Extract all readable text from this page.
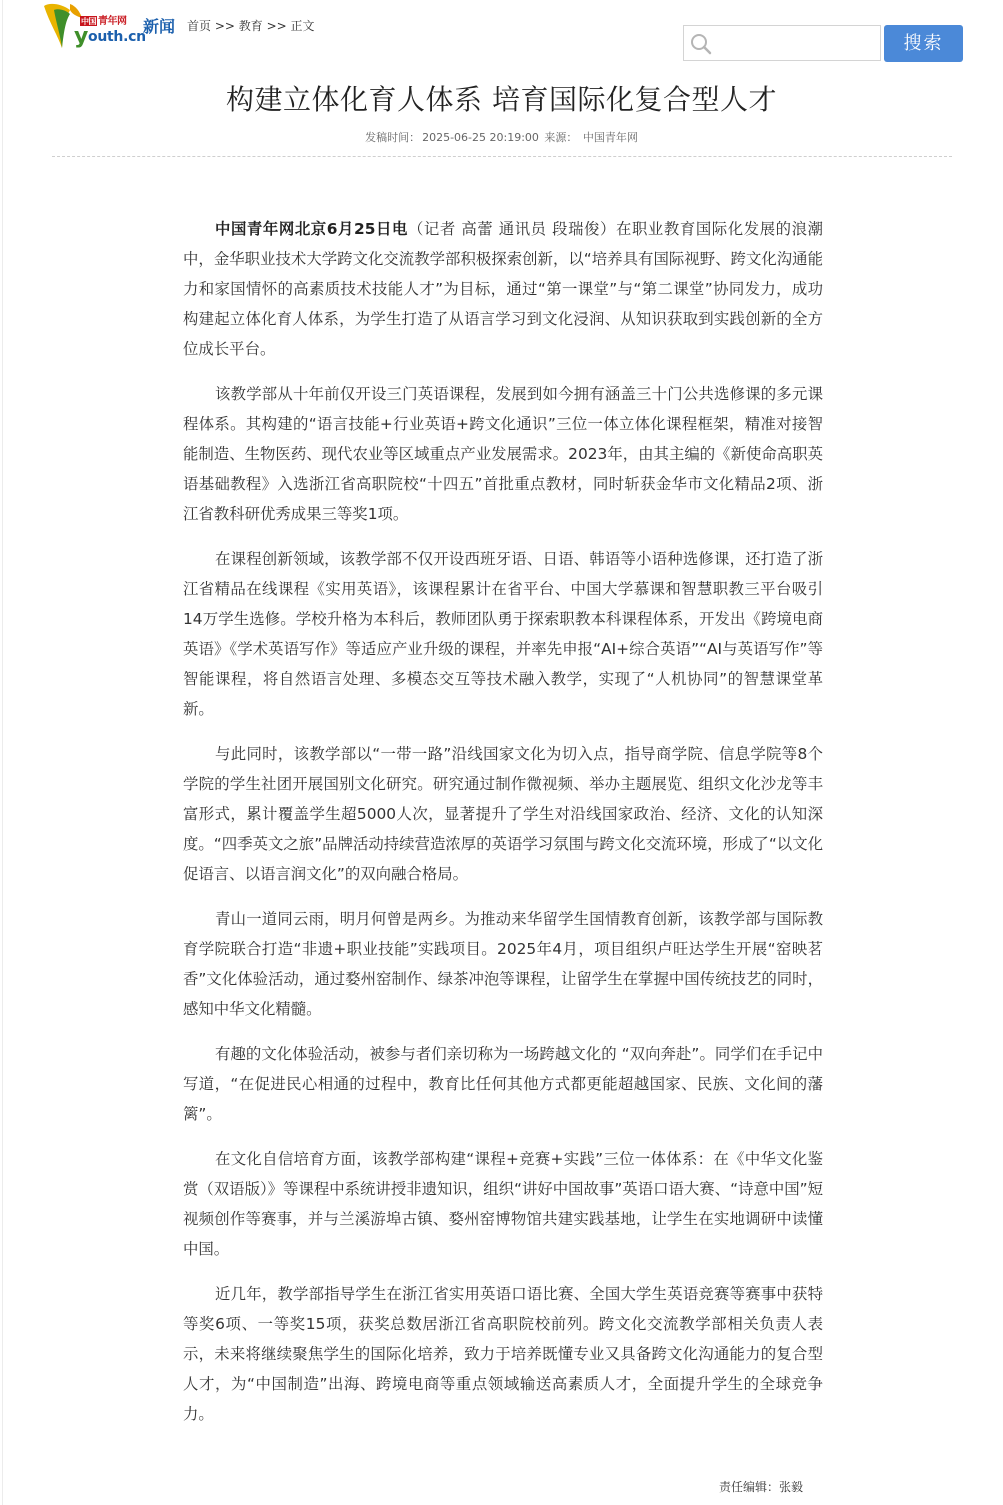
中国 青年网
youth.cn
新闻 首页 >> 教育 >> 正文
搜索
构建立体化育人体系 培育国际化复合型人才
发稿时间： 2025-06-25 20:19:00 来源： 中国青年网

中国青年网北京6月25日电（记者 高蕾 通讯员 段瑞俊）在职业教育国际化发展的浪潮中，金华职业技术大学跨文化交流教学部积极探索创新，以“培养具有国际视野、跨文化沟通能力和家国情怀的高素质技术技能人才”为目标，通过“第一课堂”与“第二课堂”协同发力，成功构建起立体化育人体系，为学生打造了从语言学习到文化浸润、从知识获取到实践创新的全方位成长平台。

该教学部从十年前仅开设三门英语课程，发展到如今拥有涵盖三十门公共选修课的多元课程体系。其构建的“语言技能+行业英语+跨文化通识”三位一体立体化课程框架，精准对接智能制造、生物医药、现代农业等区域重点产业发展需求。2023年，由其主编的《新使命高职英语基础教程》入选浙江省高职院校“十四五”首批重点教材，同时斩获金华市文化精品2项、浙江省教科研优秀成果三等奖1项。

在课程创新领域，该教学部不仅开设西班牙语、日语、韩语等小语种选修课，还打造了浙江省精品在线课程《实用英语》，该课程累计在省平台、中国大学慕课和智慧职教三平台吸引14万学生选修。学校升格为本科后，教师团队勇于探索职教本科课程体系，开发出《跨境电商英语》《学术英语写作》等适应产业升级的课程，并率先申报“AI+综合英语”“AI与英语写作”等智能课程，将自然语言处理、多模态交互等技术融入教学，实现了“人机协同”的智慧课堂革新。

与此同时，该教学部以“一带一路”沿线国家文化为切入点，指导商学院、信息学院等8个学院的学生社团开展国别文化研究。研究通过制作微视频、举办主题展览、组织文化沙龙等丰富形式，累计覆盖学生超5000人次，显著提升了学生对沿线国家政治、经济、文化的认知深度。“四季英文之旅”品牌活动持续营造浓厚的英语学习氛围与跨文化交流环境，形成了“以文化促语言、以语言润文化”的双向融合格局。

青山一道同云雨，明月何曾是两乡。为推动来华留学生国情教育创新，该教学部与国际教育学院联合打造“非遗+职业技能”实践项目。2025年4月，项目组织卢旺达学生开展“窑映茗香”文化体验活动，通过婺州窑制作、绿茶冲泡等课程，让留学生在掌握中国传统技艺的同时，感知中华文化精髓。

有趣的文化体验活动，被参与者们亲切称为一场跨越文化的 “双向奔赴”。同学们在手记中写道，“在促进民心相通的过程中，教育比任何其他方式都更能超越国家、民族、文化间的藩篱”。

在文化自信培育方面，该教学部构建“课程+竞赛+实践”三位一体体系：在《中华文化鉴赏（双语版）》等课程中系统讲授非遗知识，组织“讲好中国故事”英语口语大赛、“诗意中国”短视频创作等赛事，并与兰溪游埠古镇、婺州窑博物馆共建实践基地，让学生在实地调研中读懂中国。

近几年，教学部指导学生在浙江省实用英语口语比赛、全国大学生英语竞赛等赛事中获特等奖6项、一等奖15项，获奖总数居浙江省高职院校前列。跨文化交流教学部相关负责人表示，未来将继续聚焦学生的国际化培养，致力于培养既懂专业又具备跨文化沟通能力的复合型人才，为“中国制造”出海、跨境电商等重点领域输送高素质人才，全面提升学生的全球竞争力。

责任编辑：张毅
